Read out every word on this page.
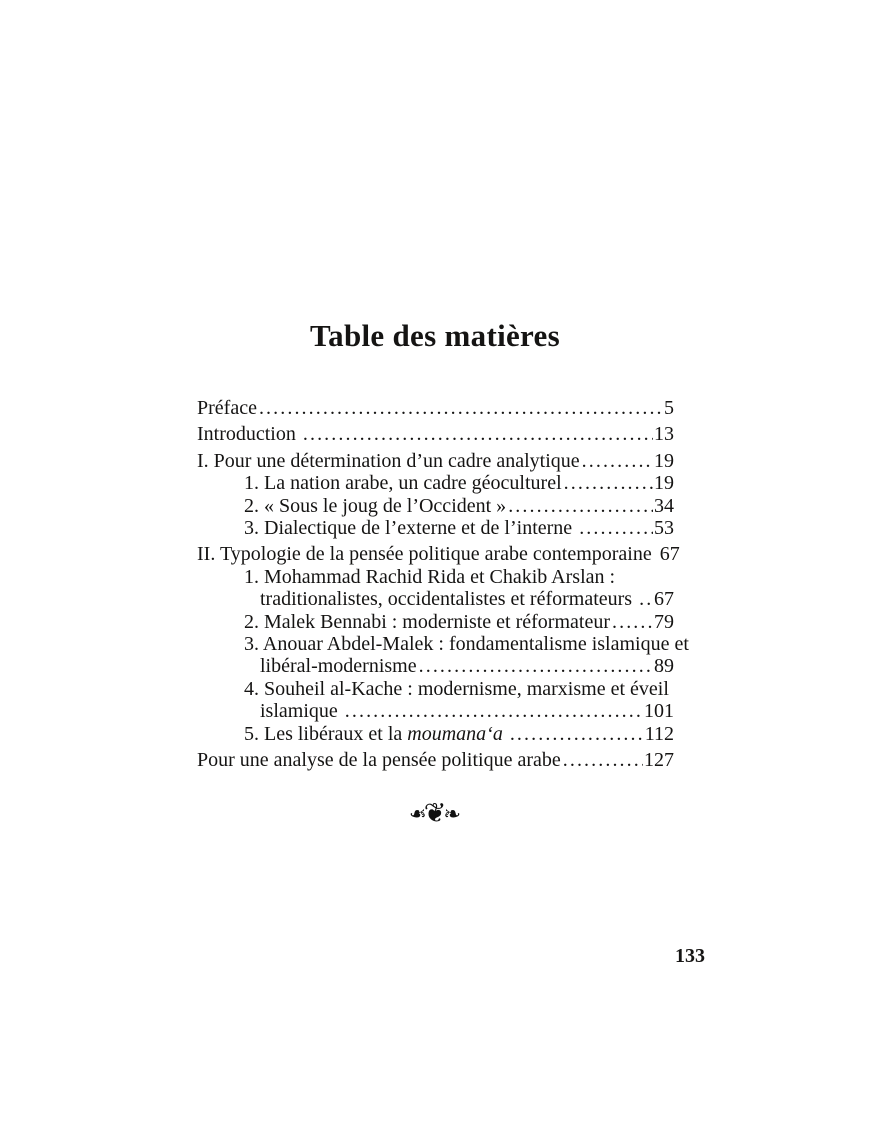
Table des matières
Préface .....	5
Introduction .....	13
I. Pour une détermination d’un cadre analytique .....	19
1. La nation arabe, un cadre géoculturel .....	19
2. « Sous le joug de l’Occident » .....	34
3. Dialectique de l’externe et de l’interne .....	53
II. Typologie de la pensée politique arabe contemporaine 67
1. Mohammad Rachid Rida et Chakib Arslan :
traditionalistes, occidentalistes et réformateurs ..... 67
2. Malek Bennabi : moderniste et réformateur ..... 79
3. Anouar Abdel-Malek : fondamentalisme islamique et
libéral-modernisme .....	89
4. Souheil al-Kache : modernisme, marxisme et éveil
islamique .....	101
5. Les libéraux et la moumanaʻa .....	112
Pour une analyse de la pensée politique arabe .....	127
❧❦❧
133
